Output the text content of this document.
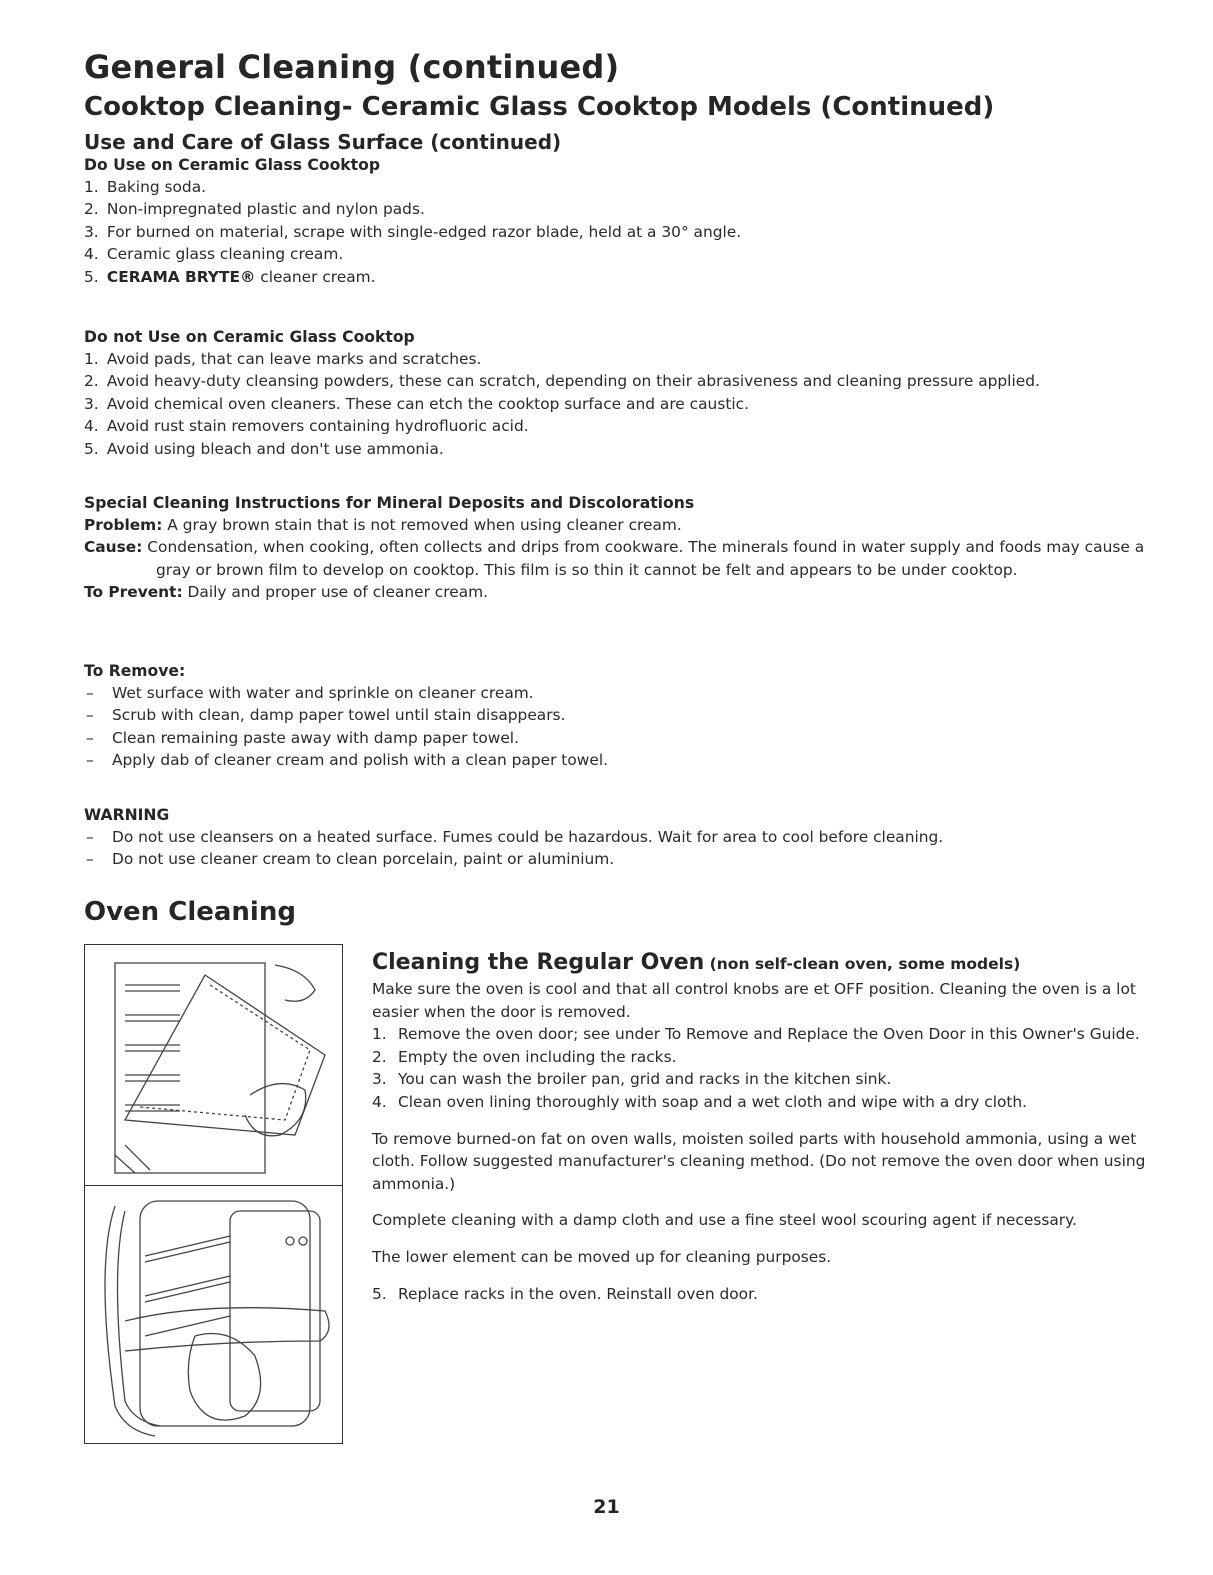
General Cleaning (continued)
Cooktop Cleaning- Ceramic Glass Cooktop Models (Continued)
Use and Care of Glass Surface (continued)
Do Use on Ceramic Glass Cooktop
1. Baking soda.
2. Non-impregnated plastic and nylon pads.
3. For burned on material, scrape with single-edged razor blade, held at a 30° angle.
4. Ceramic glass cleaning cream.
5. CERAMA BRYTE® cleaner cream.
Do not Use on Ceramic Glass Cooktop
1. Avoid pads, that can leave marks and scratches.
2. Avoid heavy-duty cleansing powders, these can scratch, depending on their abrasiveness and cleaning pressure applied.
3. Avoid chemical oven cleaners. These can etch the cooktop surface and are caustic.
4. Avoid rust stain removers containing hydrofluoric acid.
5. Avoid using bleach and don't use ammonia.
Special Cleaning Instructions for Mineral Deposits and Discolorations

Problem: A gray brown stain that is not removed when using cleaner cream.

Cause: Condensation, when cooking, often collects and drips from cookware. The minerals found in water supply and foods may cause a gray or brown film to develop on cooktop. This film is so thin it cannot be felt and appears to be under cooktop.

To Prevent: Daily and proper use of cleaner cream.

To Remove:
– Wet surface with water and sprinkle on cleaner cream.
– Scrub with clean, damp paper towel until stain disappears.
– Clean remaining paste away with damp paper towel.
– Apply dab of cleaner cream and polish with a clean paper towel.
WARNING
– Do not use cleansers on a heated surface. Fumes could be hazardous. Wait for area to cool before cleaning.
– Do not use cleaner cream to clean porcelain, paint or aluminium.
Oven Cleaning
Cleaning the Regular Oven (non self-clean oven, some models)

Make sure the oven is cool and that all control knobs are et OFF position. Cleaning the oven is a lot easier when the door is removed.

1. Remove the oven door; see under To Remove and Replace the Oven Door in this Owner's Guide.
2. Empty the oven including the racks.
3. You can wash the broiler pan, grid and racks in the kitchen sink.
4. Clean oven lining thoroughly with soap and a wet cloth and wipe with a dry cloth.

To remove burned-on fat on oven walls, moisten soiled parts with household ammonia, using a wet cloth. Follow suggested manufacturer's cleaning method. (Do not remove the oven door when using ammonia.)

Complete cleaning with a damp cloth and use a fine steel wool scouring agent if necessary.

The lower element can be moved up for cleaning purposes.

5. Replace racks in the oven. Reinstall oven door.
21
